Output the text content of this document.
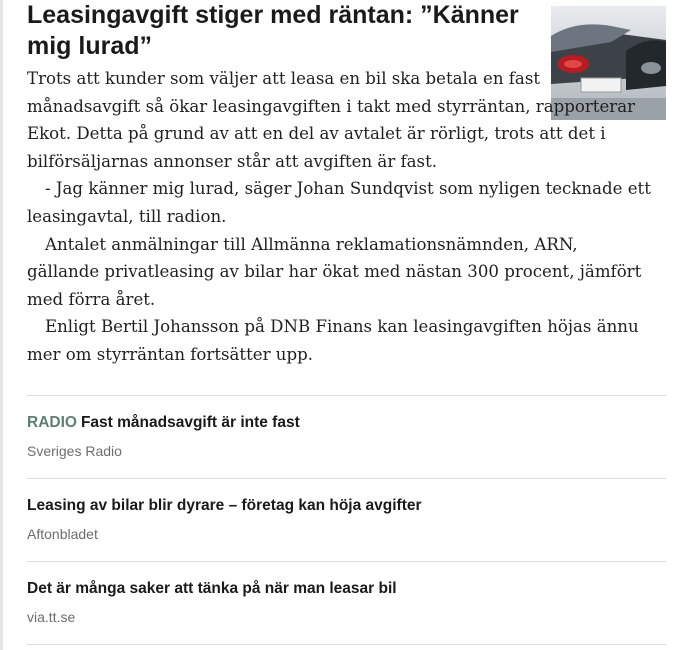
Leasingavgift stiger med räntan: ”Känner mig lurad”

Trots att kunder som väljer att leasa en bil ska betala en fast månadsavgift så ökar leasingavgiften i takt med styrräntan, rapporterar Ekot. Detta på grund av att en del av avtalet är rörligt, trots att det i bilförsäljarnas annonser står att avgiften är fast.

- Jag känner mig lurad, säger Johan Sundqvist som nyligen tecknade ett leasingavtal, till radion.

Antalet anmälningar till Allmänna reklamationsnämnden, ARN, gällande privatleasing av bilar har ökat med nästan 300 procent, jämfört med förra året.

Enligt Bertil Johansson på DNB Finans kan leasingavgiften höjas ännu mer om styrräntan fortsätter upp.

RADIO Fast månadsavgift är inte fast
Sveriges Radio
Leasing av bilar blir dyrare – företag kan höja avgifter
Aftonbladet
Det är många saker att tänka på när man leasar bil
via.tt.se
